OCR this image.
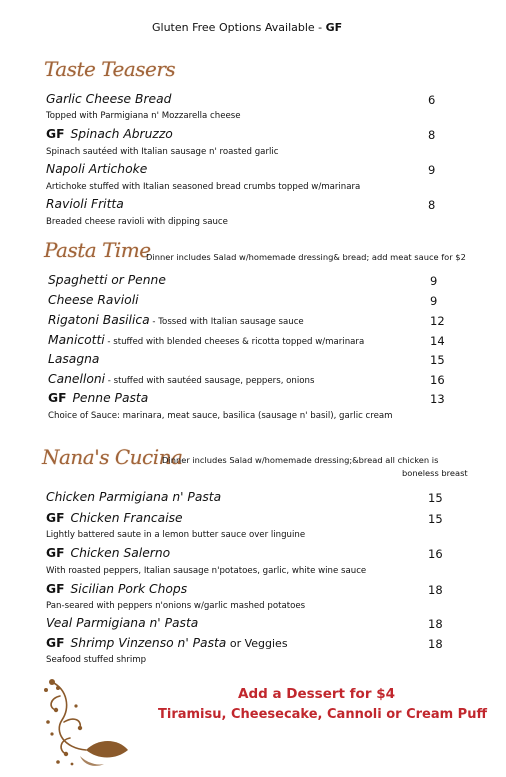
Gluten Free Options Available - GF
Taste Teasers
Garlic Cheese Bread	6
Topped with Parmigiana n' Mozzarella cheese
GF Spinach Abruzzo	8
Spinach sautéed with Italian sausage n' roasted garlic
Napoli Artichoke	9
Artichoke stuffed with Italian seasoned bread crumbs topped w/marinara
Ravioli Fritta	8
Breaded cheese ravioli with dipping sauce
Pasta Time
Dinner includes Salad w/homemade dressing& bread; add meat sauce for $2
Spaghetti or Penne	9
Cheese Ravioli	9
Rigatoni Basilica - Tossed with Italian sausage sauce	12
Manicotti - stuffed with blended cheeses & ricotta topped w/marinara	14
Lasagna	15
Canelloni - stuffed with sautéed sausage, peppers, onions	16
GF Penne Pasta	13
Choice of Sauce: marinara, meat sauce, basilica (sausage n' basil), garlic cream
Nana's Cucina
Dinner includes Salad w/homemade dressing;&bread all chicken is
boneless breast
Chicken Parmigiana n' Pasta	15
GF Chicken Francaise	15
Lightly battered saute in a lemon butter sauce over linguine
GF Chicken Salerno	16
With roasted peppers, Italian sausage n'potatoes, garlic, white wine sauce
GF Sicilian Pork Chops	18
Pan-seared with peppers n'onions w/garlic mashed potatoes
Veal Parmigiana n' Pasta	18
GF Shrimp Vinzenso n' Pasta or Veggies	18
Seafood stuffed shrimp
Add a Dessert for $4
Tiramisu, Cheesecake, Cannoli or Cream Puff
